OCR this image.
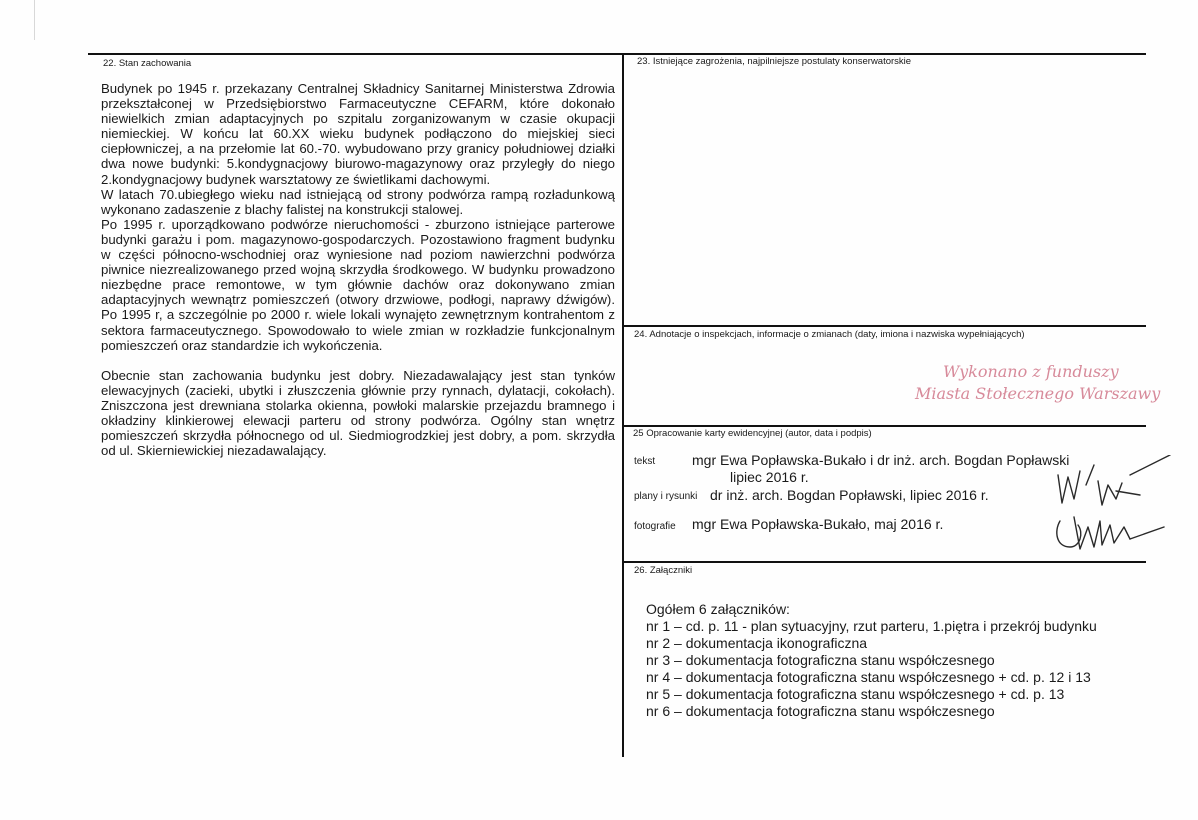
22. Stan zachowania

Budynek po 1945 r. przekazany Centralnej Składnicy Sanitarnej Ministerstwa Zdrowia przekształconej w Przedsiębiorstwo Farmaceutyczne CEFARM, które dokonało niewielkich zmian adaptacyjnych po szpitalu zorganizowanym w czasie okupacji niemieckiej. W końcu lat 60.XX wieku budynek podłączono do miejskiej sieci ciepłowniczej, a na przełomie lat 60.-70. wybudowano przy granicy południowej działki dwa nowe budynki: 5.kondygnacjowy biurowo-magazynowy oraz przyległy do niego 2.kondygnacjowy budynek warsztatowy ze świetlikami dachowymi.

W latach 70.ubiegłego wieku nad istniejącą od strony podwórza rampą rozładunkową wykonano zadaszenie z blachy falistej na konstrukcji stalowej.

Po 1995 r. uporządkowano podwórze nieruchomości - zburzono istniejące parterowe budynki garażu i pom. magazynowo-gospodarczych. Pozostawiono fragment budynku w części północno-wschodniej oraz wyniesione nad poziom nawierzchni podwórza piwnice niezrealizowanego przed wojną skrzydła środkowego. W budynku prowadzono niezbędne prace remontowe, w tym głównie dachów oraz dokonywano zmian adaptacyjnych wewnątrz pomieszczeń (otwory drzwiowe, podłogi, naprawy dźwigów). Po 1995 r, a szczególnie po 2000 r. wiele lokali wynajęto zewnętrznym kontrahentom z sektora farmaceutycznego. Spowodowało to wiele zmian w rozkładzie funkcjonalnym pomieszczeń oraz standardzie ich wykończenia.

Obecnie stan zachowania budynku jest dobry. Niezadawalający jest stan tynków elewacyjnych (zacieki, ubytki i złuszczenia głównie przy rynnach, dylatacji, cokołach). Zniszczona jest drewniana stolarka okienna, powłoki malarskie przejazdu bramnego i okładziny klinkierowej elewacji parteru od strony podwórza. Ogólny stan wnętrz pomieszczeń skrzydła północnego od ul. Siedmiogrodzkiej jest dobry, a pom. skrzydła od ul. Skierniewickiej niezadawalający.

23. Istniejące zagrożenia, najpilniejsze postulaty konserwatorskie
24. Adnotacje o inspekcjach, informacje o zmianach (daty, imiona i nazwiska wypełniających)
Wykonano z funduszy
Miasta Stołecznego Warszawy
25 Opracowanie karty ewidencyjnej (autor, data i podpis)
tekst	mgr Ewa Popławska-Bukało i dr inż. arch. Bogdan Popławski
lipiec 2016 r.
plany i rysunki dr inż. arch. Bogdan Popławski, lipiec 2016 r.
fotografie mgr Ewa Popławska-Bukało, maj 2016 r.
26. Załączniki
Ogółem 6 załączników:
nr 1 – cd. p. 11 - plan sytuacyjny, rzut parteru, 1.piętra i przekrój budynku
nr 2 – dokumentacja ikonograficzna
nr 3 – dokumentacja fotograficzna stanu współczesnego
nr 4 – dokumentacja fotograficzna stanu współczesnego + cd. p. 12 i 13
nr 5 – dokumentacja fotograficzna stanu współczesnego + cd. p. 13
nr 6 – dokumentacja fotograficzna stanu współczesnego
